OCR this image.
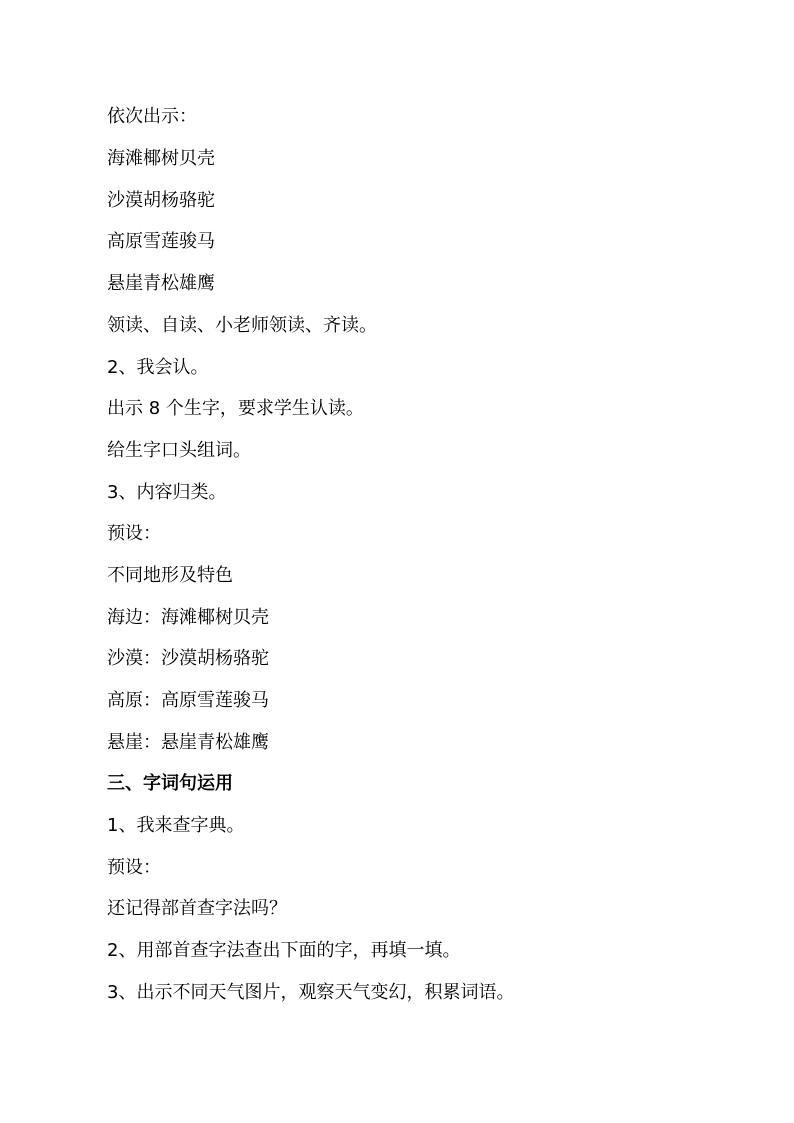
依次出示：
海滩椰树贝壳
沙漠胡杨骆驼
高原雪莲骏马
悬崖青松雄鹰
领读、自读、小老师领读、齐读。
2、我会认。
出示 8 个生字，要求学生认读。
给生字口头组词。
3、内容归类。
预设：
不同地形及特色
海边：海滩椰树贝壳
沙漠：沙漠胡杨骆驼
高原：高原雪莲骏马
悬崖：悬崖青松雄鹰
三、字词句运用
1、我来查字典。
预设：
还记得部首查字法吗？
2、用部首查字法查出下面的字，再填一填。
3、出示不同天气图片，观察天气变幻，积累词语。
